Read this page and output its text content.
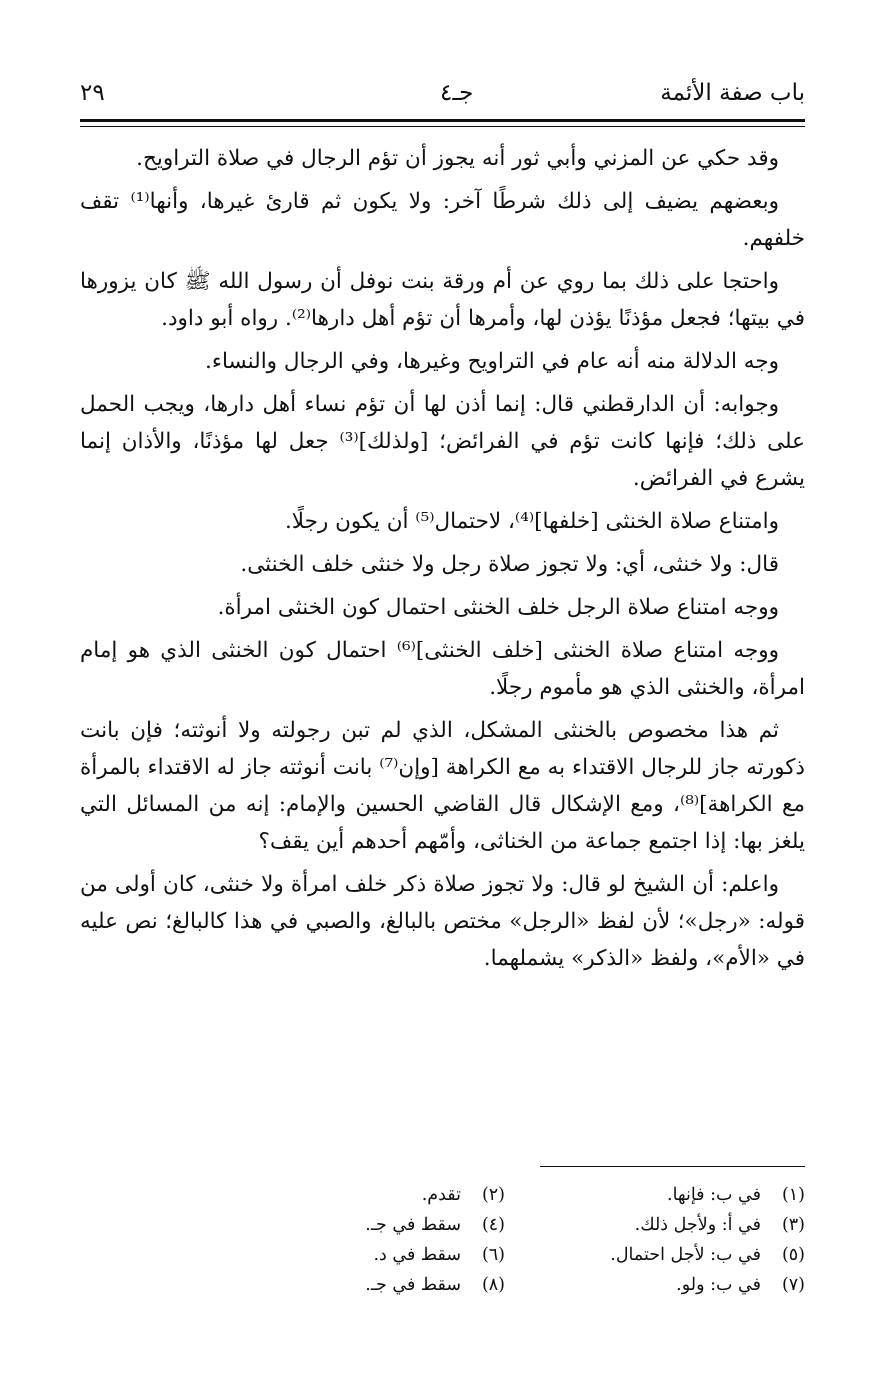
باب صفة الأئمة
جـ٤
٢٩

وقد حكي عن المزني وأبي ثور أنه يجوز أن تؤم الرجال في صلاة التراويح.

وبعضهم يضيف إلى ذلك شرطًا آخر: ولا يكون ثم قارئ غيرها، وأنها⁽¹⁾ تقف خلفهم.

واحتجا على ذلك بما روي عن أم ورقة بنت نوفل أن رسول الله ﷺ كان يزورها في بيتها؛ فجعل مؤذنًا يؤذن لها، وأمرها أن تؤم أهل دارها⁽²⁾. رواه أبو داود.

وجه الدلالة منه أنه عام في التراويح وغيرها، وفي الرجال والنساء.

وجوابه: أن الدارقطني قال: إنما أذن لها أن تؤم نساء أهل دارها، ويجب الحمل على ذلك؛ فإنها كانت تؤم في الفرائض؛ [ولذلك]⁽³⁾ جعل لها مؤذنًا، والأذان إنما يشرع في الفرائض.

وامتناع صلاة الخنثى [خلفها]⁽⁴⁾، لاحتمال⁽⁵⁾ أن يكون رجلًا.

قال: ولا خنثى، أي: ولا تجوز صلاة رجل ولا خنثى خلف الخنثى.

ووجه امتناع صلاة الرجل خلف الخنثى احتمال كون الخنثى امرأة.

ووجه امتناع صلاة الخنثى [خلف الخنثى]⁽⁶⁾ احتمال كون الخنثى الذي هو إمام امرأة، والخنثى الذي هو مأموم رجلًا.

ثم هذا مخصوص بالخنثى المشكل، الذي لم تبن رجولته ولا أنوثته؛ فإن بانت ذكورته جاز للرجال الاقتداء به مع الكراهة [وإن⁽⁷⁾ بانت أنوثته جاز له الاقتداء بالمرأة مع الكراهة]⁽⁸⁾، ومع الإشكال قال القاضي الحسين والإمام: إنه من المسائل التي يلغز بها: إذا اجتمع جماعة من الخناثى، وأمّهم أحدهم أين يقف؟

واعلم: أن الشيخ لو قال: ولا تجوز صلاة ذكر خلف امرأة ولا خنثى، كان أولى من قوله: «رجل»؛ لأن لفظ «الرجل» مختص بالبالغ، والصبي في هذا كالبالغ؛ نص عليه في «الأم»، ولفظ «الذكر» يشملهما.

(١)في ب: فإنها.
(٣)في أ: ولأجل ذلك.
(٥)في ب: لأجل احتمال.
(٧)في ب: ولو.
(٢)تقدم.
(٤)سقط في جـ.
(٦)سقط في د.
(٨)سقط في جـ.
